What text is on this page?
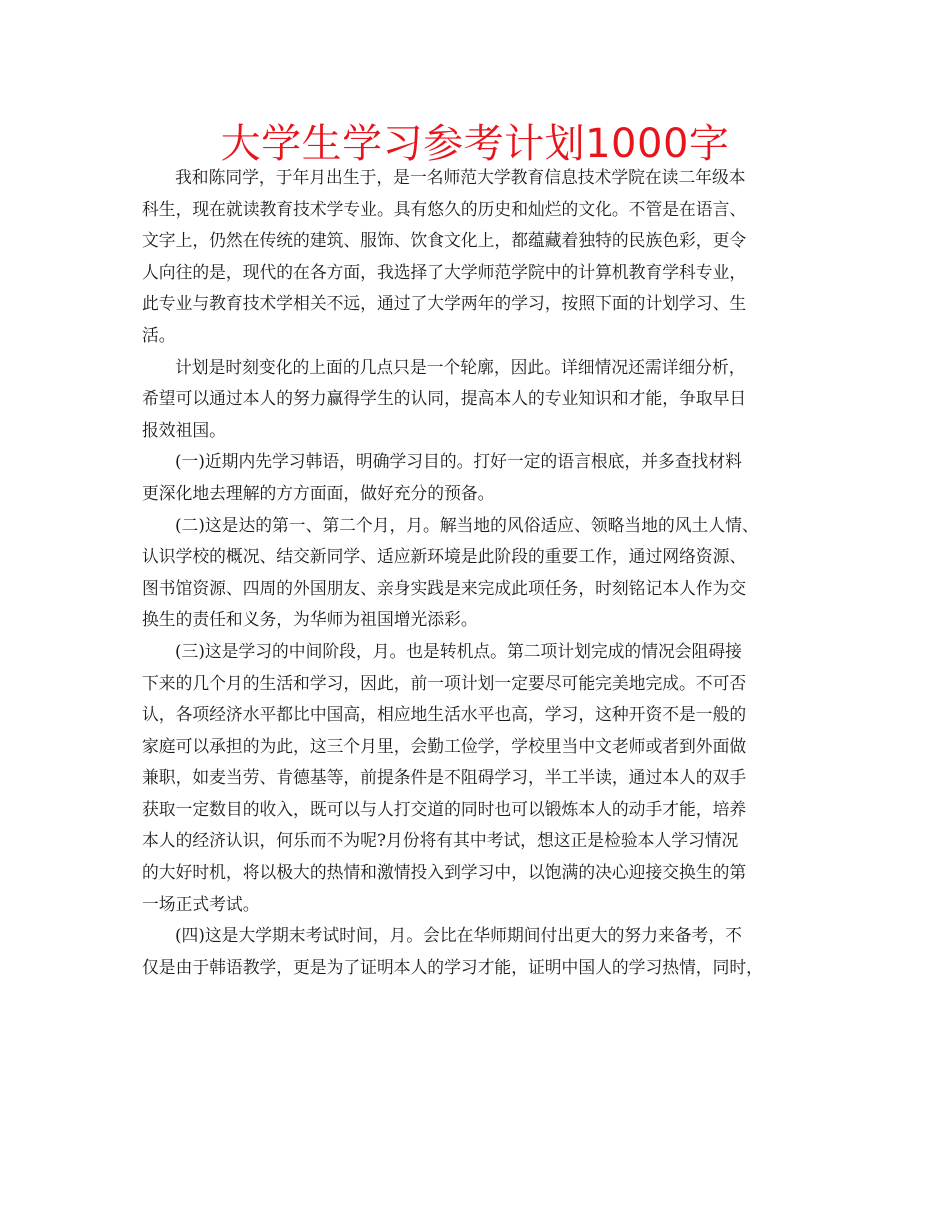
大学生学习参考计划1000字
我和陈同学，于年月出生于，是一名师范大学教育信息技术学院在读二年级本
科生，现在就读教育技术学专业。具有悠久的历史和灿烂的文化。不管是在语言、
文字上，仍然在传统的建筑、服饰、饮食文化上，都蕴藏着独特的民族色彩，更令
人向往的是，现代的在各方面，我选择了大学师范学院中的计算机教育学科专业，
此专业与教育技术学相关不远，通过了大学两年的学习，按照下面的计划学习、生
活。
计划是时刻变化的上面的几点只是一个轮廓，因此。详细情况还需详细分析，
希望可以通过本人的努力赢得学生的认同，提高本人的专业知识和才能，争取早日
报效祖国。
(一)近期内先学习韩语，明确学习目的。打好一定的语言根底，并多查找材料
更深化地去理解的方方面面，做好充分的预备。
(二)这是达的第一、第二个月，月。解当地的风俗适应、领略当地的风土人情、
认识学校的概况、结交新同学、适应新环境是此阶段的重要工作，通过网络资源、
图书馆资源、四周的外国朋友、亲身实践是来完成此项任务，时刻铭记本人作为交
换生的责任和义务，为华师为祖国增光添彩。
(三)这是学习的中间阶段，月。也是转机点。第二项计划完成的情况会阻碍接
下来的几个月的生活和学习，因此，前一项计划一定要尽可能完美地完成。不可否
认，各项经济水平都比中国高，相应地生活水平也高，学习，这种开资不是一般的
家庭可以承担的为此，这三个月里，会勤工俭学，学校里当中文老师或者到外面做
兼职，如麦当劳、肯德基等，前提条件是不阻碍学习，半工半读，通过本人的双手
获取一定数目的收入，既可以与人打交道的同时也可以锻炼本人的动手才能，培养
本人的经济认识，何乐而不为呢?月份将有其中考试，想这正是检验本人学习情况
的大好时机，将以极大的热情和激情投入到学习中，以饱满的决心迎接交换生的第
一场正式考试。
(四)这是大学期末考试时间，月。会比在华师期间付出更大的努力来备考，不
仅是由于韩语教学，更是为了证明本人的学习才能，证明中国人的学习热情，同时，
